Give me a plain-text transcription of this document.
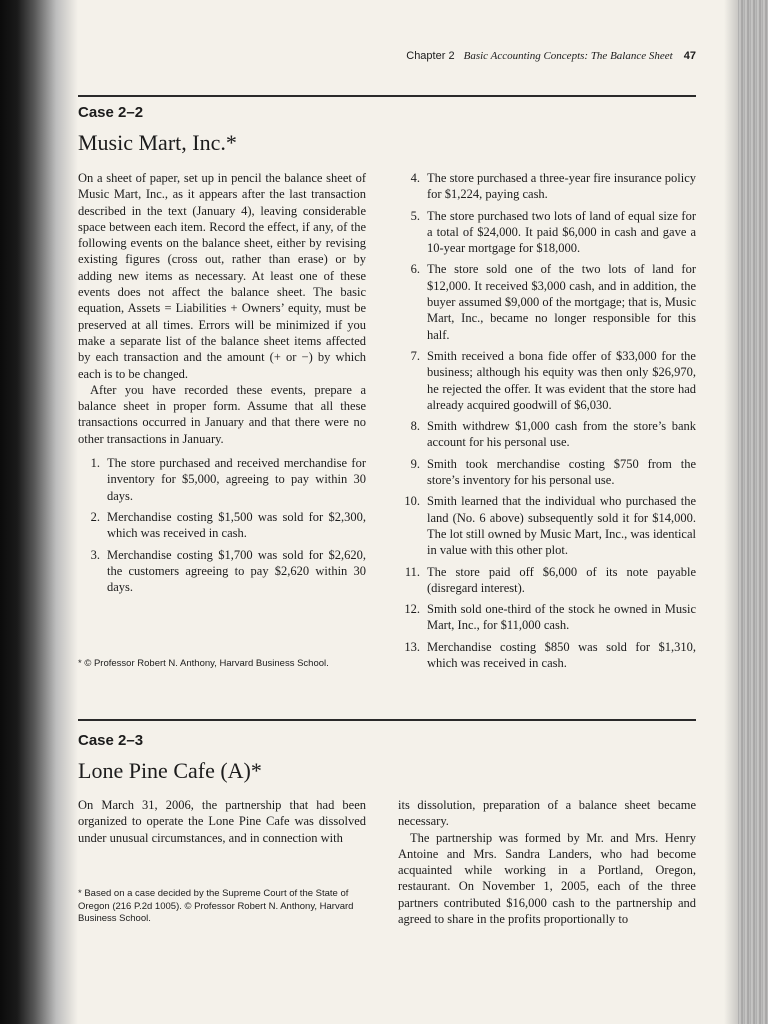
Chapter 2 Basic Accounting Concepts: The Balance Sheet 47
Case 2–2
Music Mart, Inc.*

On a sheet of paper, set up in pencil the balance sheet of Music Mart, Inc., as it appears after the last transaction described in the text (January 4), leaving considerable space between each item. Record the effect, if any, of the following events on the balance sheet, either by revising existing figures (cross out, rather than erase) or by adding new items as necessary. At least one of these events does not affect the balance sheet. The basic equation, Assets = Liabilities + Owners’ equity, must be preserved at all times. Errors will be minimized if you make a separate list of the balance sheet items affected by each transaction and the amount (+ or −) by which each is to be changed.

After you have recorded these events, prepare a balance sheet in proper form. Assume that all these transactions occurred in January and that there were no other transactions in January.

1. The store purchased and received merchandise for inventory for $5,000, agreeing to pay within 30 days.
2. Merchandise costing $1,500 was sold for $2,300, which was received in cash.
3. Merchandise costing $1,700 was sold for $2,620, the customers agreeing to pay $2,620 within 30 days.
4. The store purchased a three-year fire insurance policy for $1,224, paying cash.
5. The store purchased two lots of land of equal size for a total of $24,000. It paid $6,000 in cash and gave a 10-year mortgage for $18,000.
6. The store sold one of the two lots of land for $12,000. It received $3,000 cash, and in addition, the buyer assumed $9,000 of the mortgage; that is, Music Mart, Inc., became no longer responsible for this half.
7. Smith received a bona fide offer of $33,000 for the business; although his equity was then only $26,970, he rejected the offer. It was evident that the store had already acquired goodwill of $6,030.
8. Smith withdrew $1,000 cash from the store’s bank account for his personal use.
9. Smith took merchandise costing $750 from the store’s inventory for his personal use.
10. Smith learned that the individual who purchased the land (No. 6 above) subsequently sold it for $14,000. The lot still owned by Music Mart, Inc., was identical in value with this other plot.
11. The store paid off $6,000 of its note payable (disregard interest).
12. Smith sold one-third of the stock he owned in Music Mart, Inc., for $11,000 cash.
13. Merchandise costing $850 was sold for $1,310, which was received in cash.
* © Professor Robert N. Anthony, Harvard Business School.
Case 2–3
Lone Pine Cafe (A)*

On March 31, 2006, the partnership that had been organized to operate the Lone Pine Cafe was dissolved under unusual circumstances, and in connection with

* Based on a case decided by the Supreme Court of the State of Oregon (216 P.2d 1005). © Professor Robert N. Anthony, Harvard Business School.

its dissolution, preparation of a balance sheet became necessary.

The partnership was formed by Mr. and Mrs. Henry Antoine and Mrs. Sandra Landers, who had become acquainted while working in a Portland, Oregon, restaurant. On November 1, 2005, each of the three partners contributed $16,000 cash to the partnership and agreed to share in the profits proportionally to
